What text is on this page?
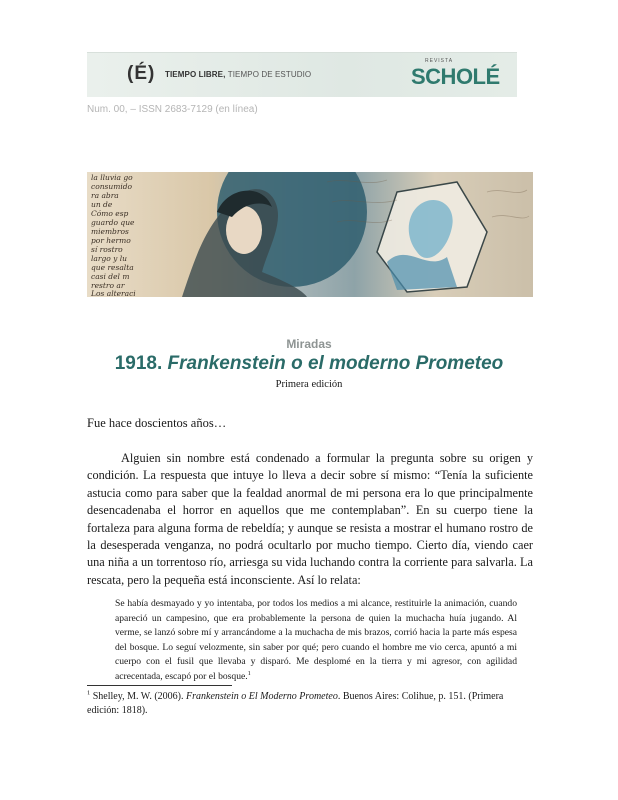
(É) TIEMPO LIBRE, TIEMPO DE ESTUDIO
REVISTA
SCHOLÉ
Num. 00, – ISSN 2683-7129 (en línea)
la lluvia go
consumido
ra abra
un de
Cómo esp
guardo que
miembros
por hermo
sí rostro
largo y lu
que resalta
casi del m
restro ar
Los alteraci
Miradas
1918. Frankenstein o el moderno Prometeo
Primera edición
Fue hace doscientos años…

Alguien sin nombre está condenado a formular la pregunta sobre su origen y condición. La respuesta que intuye lo lleva a decir sobre sí mismo: “Tenía la suficiente astucia como para saber que la fealdad anormal de mi persona era lo que principalmente desencadenaba el horror en aquellos que me contemplaban”. En su cuerpo tiene la fortaleza para alguna forma de rebeldía; y aunque se resista a mostrar el humano rostro de la desesperada venganza, no podrá ocultarlo por mucho tiempo. Cierto día, viendo caer una niña a un torrentoso río, arriesga su vida luchando contra la corriente para salvarla. La rescata, pero la pequeña está inconsciente. Así lo relata:

Se había desmayado y yo intentaba, por todos los medios a mi alcance, restituirle la animación, cuando apareció un campesino, que era probablemente la persona de quien la muchacha huía jugando. Al verme, se lanzó sobre mí y arrancándome a la muchacha de mis brazos, corrió hacia la parte más espesa del bosque. Lo seguí velozmente, sin saber por qué; pero cuando el hombre me vio cerca, apuntó a mi cuerpo con el fusil que llevaba y disparó. Me desplomé en la tierra y mi agresor, con agilidad acrecentada, escapó por el bosque.$^1$

$^1$ Shelley, M. W. (2006). Frankenstein o El Moderno Prometeo. Buenos Aires: Colihue, p. 151. (Primera edición: 1818).
